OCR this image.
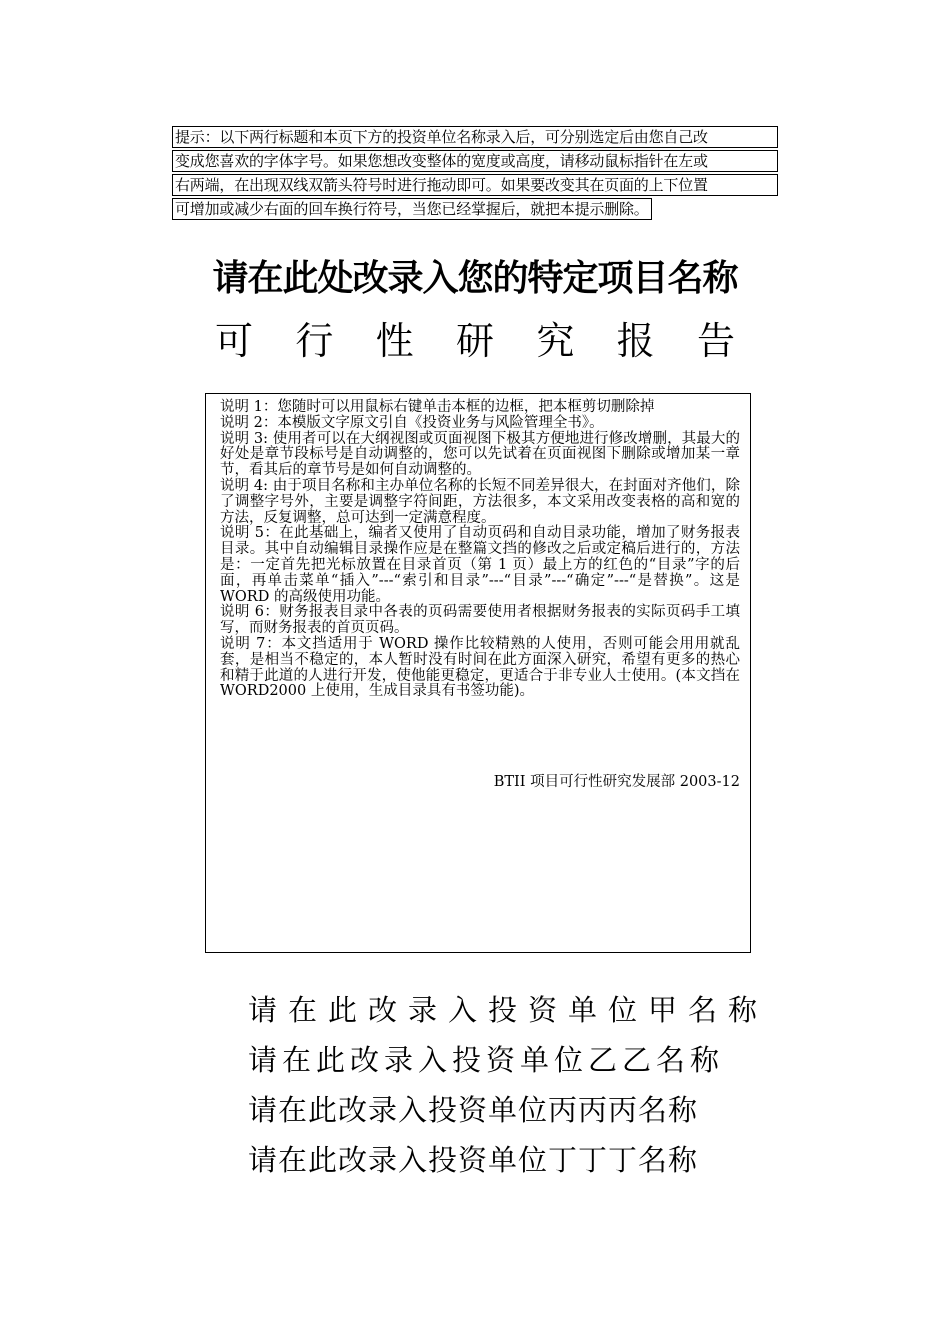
提示：以下两行标题和本页下方的投资单位名称录入后，可分别选定后由您自己改
变成您喜欢的字体字号。如果您想改变整体的宽度或高度，请移动鼠标指针在左或
右两端，在出现双线双箭头符号时进行拖动即可。如果要改变其在页面的上下位置
可增加或减少右面的回车换行符号，当您已经掌握后，就把本提示删除。
请在此处改录入您的特定项目名称
可 行 性 研 究 报 告

说明 1：您随时可以用鼠标右键单击本框的边框，把本框剪切删除掉

说明 2：本模版文字原文引自《投资业务与风险管理全书》。

说明 3: 使用者可以在大纲视图或页面视图下极其方便地进行修改增删，其最大的好处是章节段标号是自动调整的，您可以先试着在页面视图下删除或增加某一章节，看其后的章节号是如何自动调整的。

说明 4: 由于项目名称和主办单位名称的长短不同差异很大，在封面对齐他们，除了调整字号外，主要是调整字符间距，方法很多，本文采用改变表格的高和宽的方法，反复调整，总可达到一定满意程度。

说明 5：在此基础上，编者又使用了自动页码和自动目录功能，增加了财务报表目录。其中自动编辑目录操作应是在整篇文挡的修改之后或定稿后进行的，方法是：一定首先把光标放置在目录首页（第 1 页）最上方的红色的“目录”字的后面，再单击菜单“插入”---“索引和目录”---“目录”---“确定”---“是替换”。这是 WORD 的高级使用功能。

说明 6：财务报表目录中各表的页码需要使用者根据财务报表的实际页码手工填写，而财务报表的首页页码。

说明 7：本文挡适用于 WORD 操作比较精熟的人使用，否则可能会用用就乱套，是相当不稳定的，本人暂时没有时间在此方面深入研究，希望有更多的热心和精于此道的人进行开发，使他能更稳定，更适合于非专业人士使用。(本文挡在 WORD2000 上使用，生成目录具有书签功能)。

BTII 项目可行性研究发展部 2003-12
请在此改录入投资单位甲名称
请在此改录入投资单位乙乙名称
请在此改录入投资单位丙丙丙名称
请在此改录入投资单位丁丁丁名称
